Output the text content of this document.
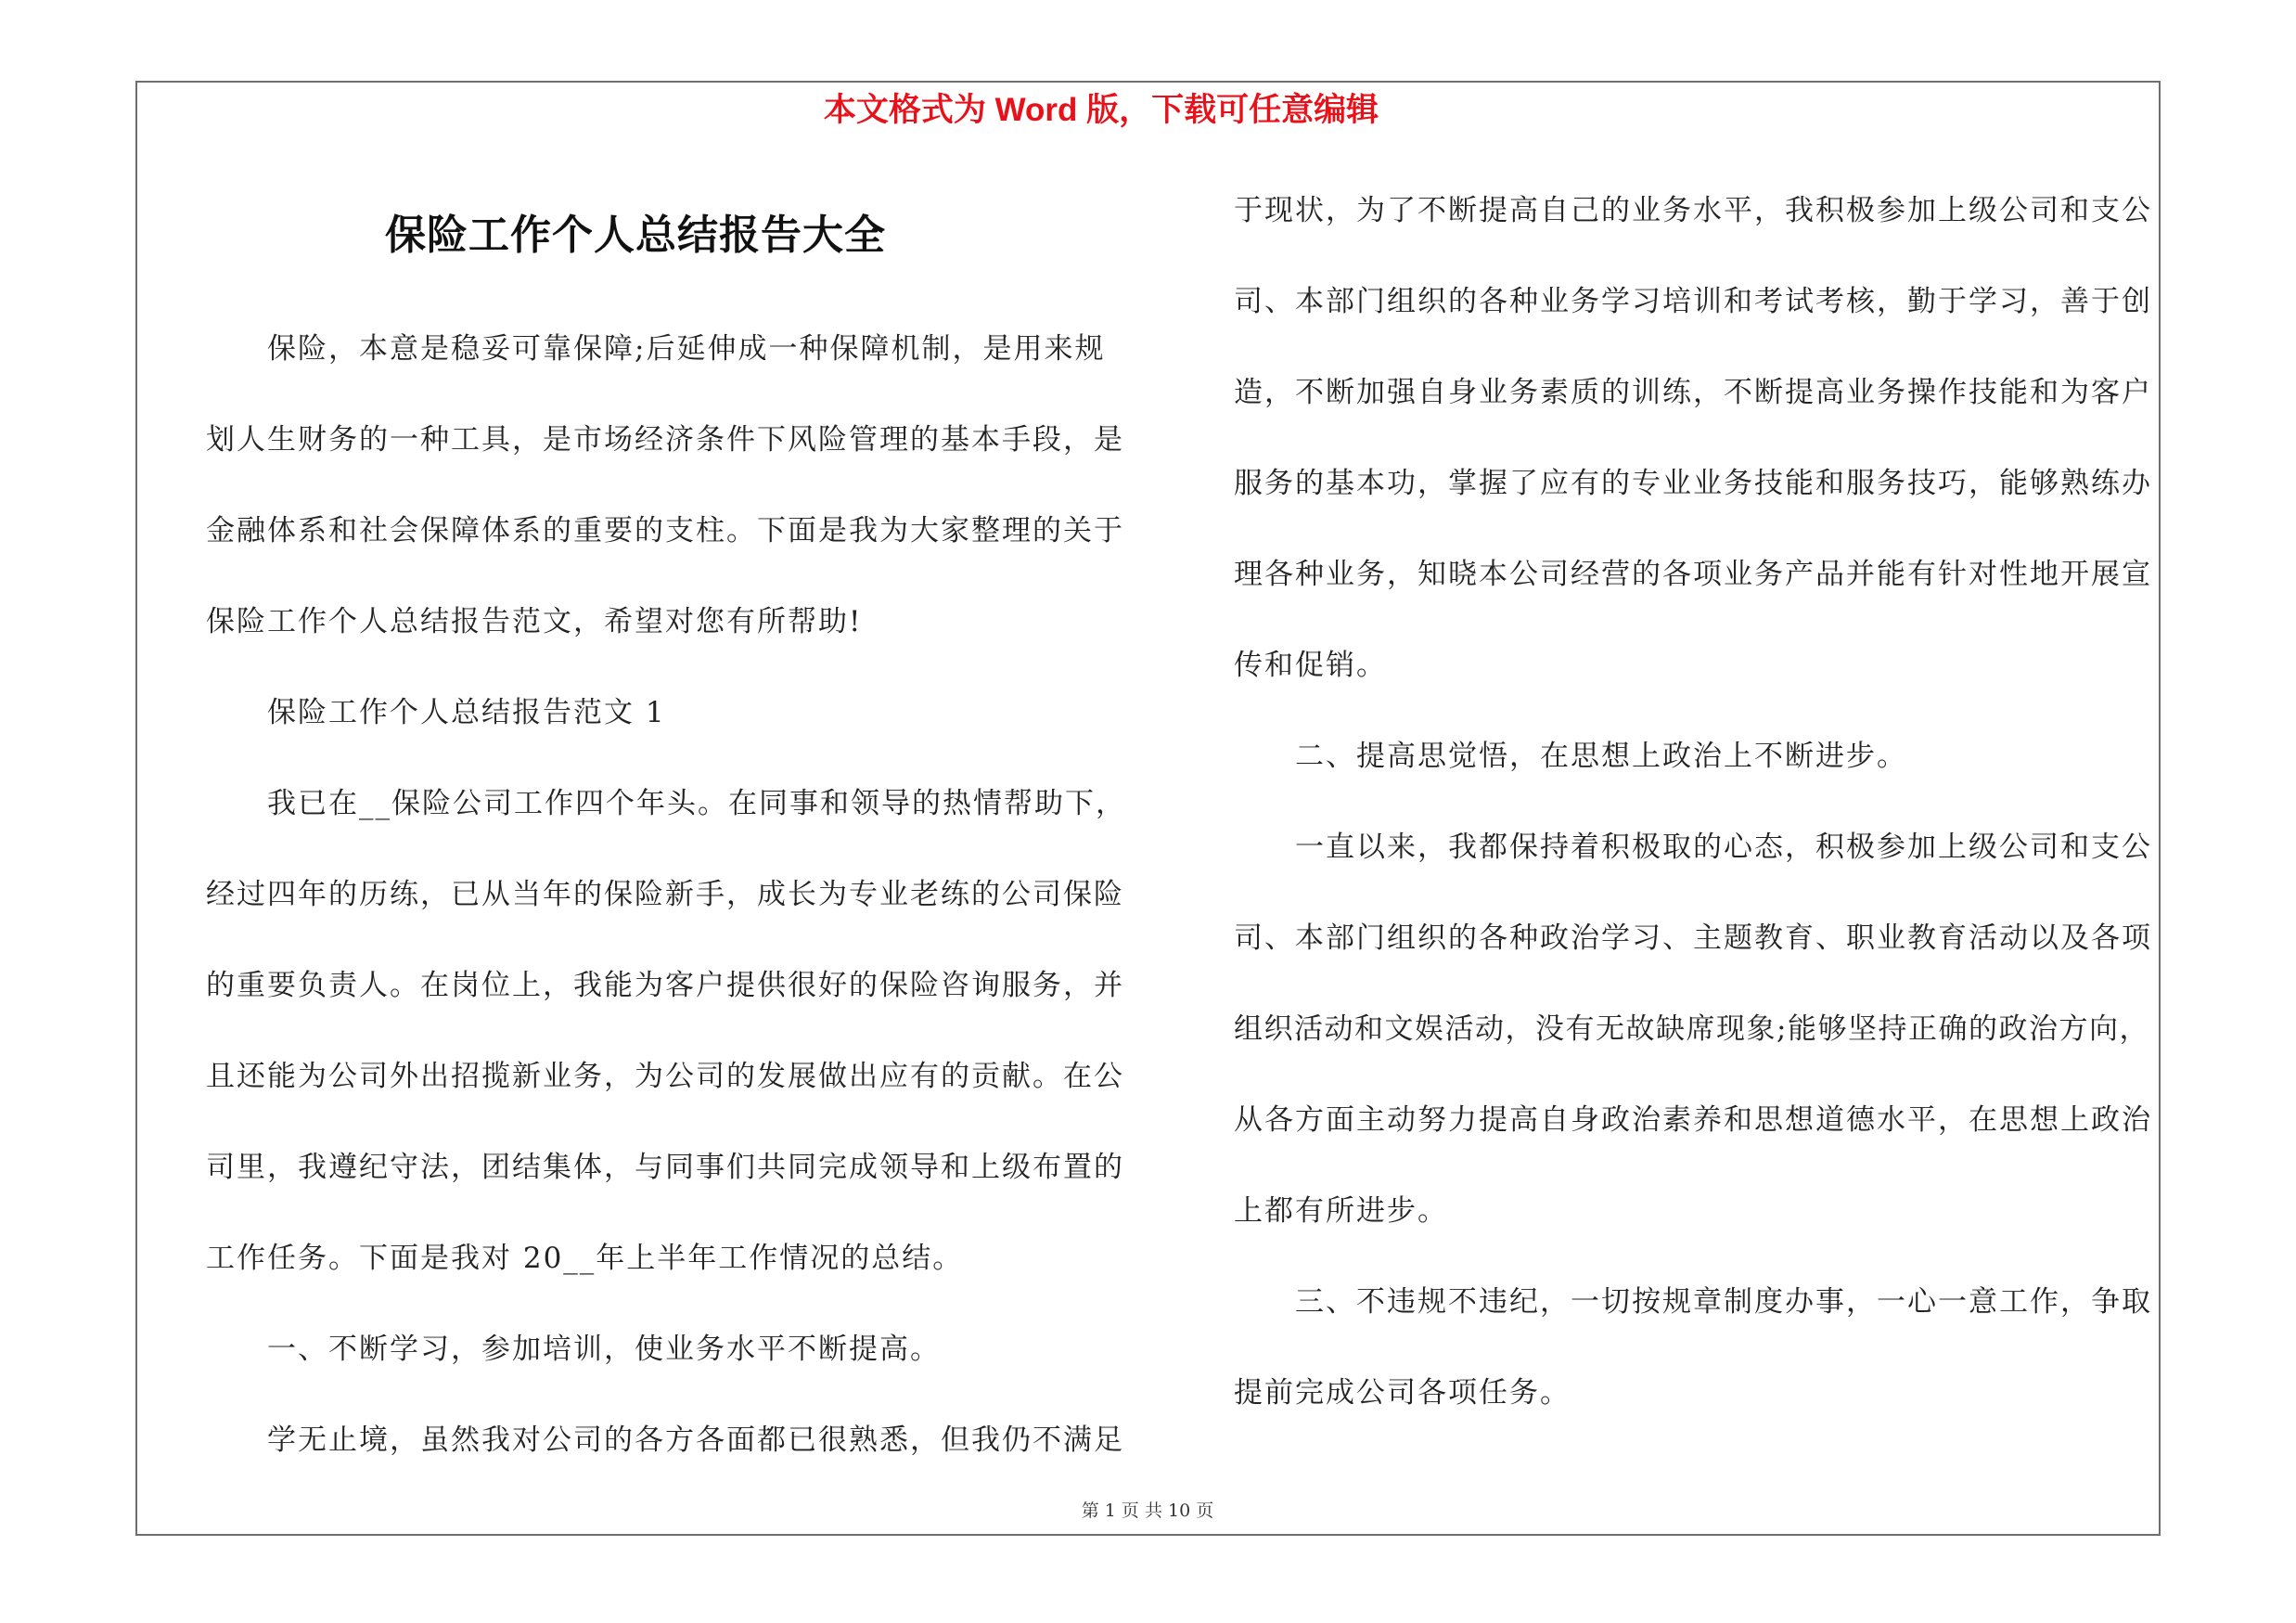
本文格式为 Word 版，下载可任意编辑
保险工作个人总结报告大全
保险，本意是稳妥可靠保障;后延伸成一种保障机制，是用来规
划人生财务的一种工具，是市场经济条件下风险管理的基本手段，是
金融体系和社会保障体系的重要的支柱。下面是我为大家整理的关于
保险工作个人总结报告范文，希望对您有所帮助!
保险工作个人总结报告范文 1
我已在__保险公司工作四个年头。在同事和领导的热情帮助下，
经过四年的历练，已从当年的保险新手，成长为专业老练的公司保险
的重要负责人。在岗位上，我能为客户提供很好的保险咨询服务，并
且还能为公司外出招揽新业务，为公司的发展做出应有的贡献。在公
司里，我遵纪守法，团结集体，与同事们共同完成领导和上级布置的
工作任务。下面是我对 20__年上半年工作情况的总结。
一、不断学习，参加培训，使业务水平不断提高。
学无止境，虽然我对公司的各方各面都已很熟悉，但我仍不满足
于现状，为了不断提高自己的业务水平，我积极参加上级公司和支公
司、本部门组织的各种业务学习培训和考试考核，勤于学习，善于创
造，不断加强自身业务素质的训练，不断提高业务操作技能和为客户
服务的基本功，掌握了应有的专业业务技能和服务技巧，能够熟练办
理各种业务，知晓本公司经营的各项业务产品并能有针对性地开展宣
传和促销。
二、提高思觉悟，在思想上政治上不断进步。
一直以来，我都保持着积极取的心态，积极参加上级公司和支公
司、本部门组织的各种政治学习、主题教育、职业教育活动以及各项
组织活动和文娱活动，没有无故缺席现象;能够坚持正确的政治方向，
从各方面主动努力提高自身政治素养和思想道德水平，在思想上政治
上都有所进步。
三、不违规不违纪，一切按规章制度办事，一心一意工作，争取
提前完成公司各项任务。
第 1 页 共 10 页
